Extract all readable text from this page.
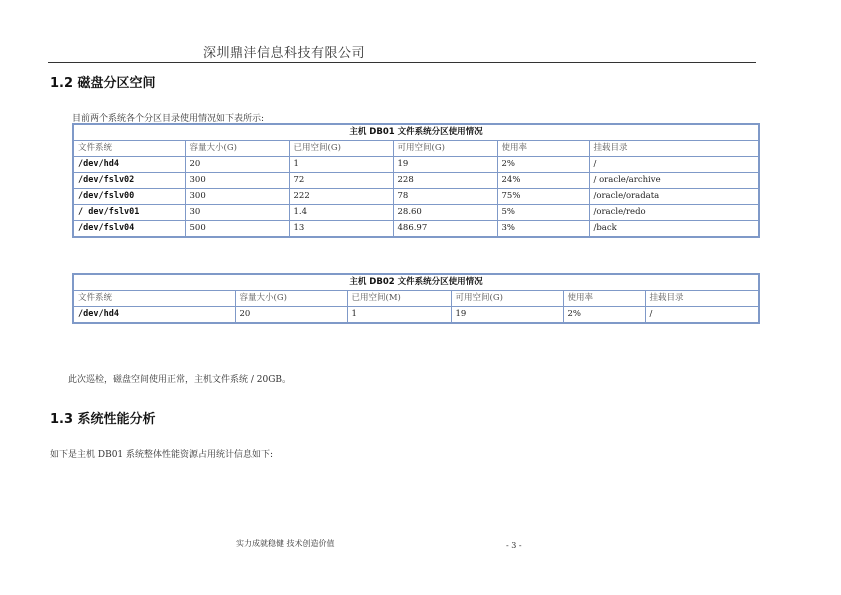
深圳鼎沣信息科技有限公司
1.2 磁盘分区空间
目前两个系统各个分区目录使用情况如下表所示:
主机 DB01 文件系统分区使用情况					
文件系统	容量大小(G)	已用空间(G)	可用空间(G)	使用率	挂载目录
/dev/hd4	20	1	19	2%	/
/dev/fslv02	300	72	228	24%	/ oracle/archive
/dev/fslv00	300	222	78	75%	/oracle/oradata
/ dev/fslv01	30	1.4	28.60	5%	/oracle/redo
/dev/fslv04	500	13	486.97	3%	/back
主机 DB02 文件系统分区使用情况					
文件系统	容量大小(G)	已用空间(M)	可用空间(G)	使用率	挂载目录
/dev/hd4	20	1	19	2%	/
此次巡检，磁盘空间使用正常，主机文件系统 / 20GB。
1.3 系统性能分析
如下是主机 DB01 系统整体性能资源占用统计信息如下:
实力成就稳健 技术创造价值	- 3 -
